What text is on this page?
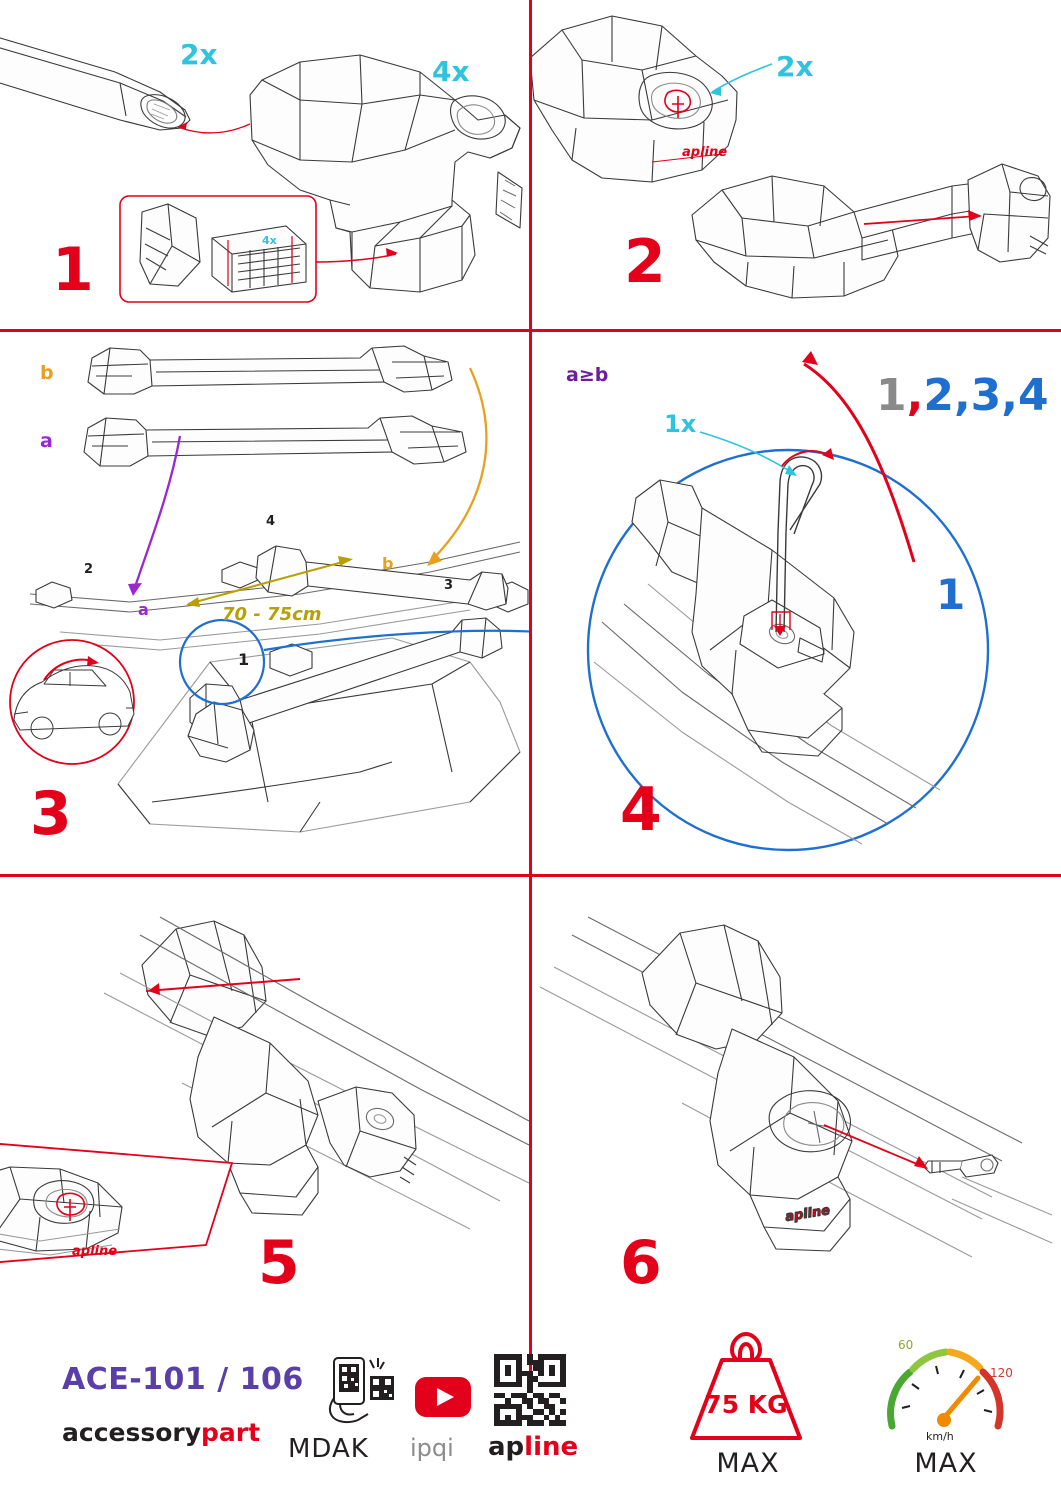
4x
2x
4x
1
apline
2x
2
b
a
a
b
70 - 75cm
2
4
3
1
3
1x
1,2,3,4
1
4
apline 5
apline
6
ACE-101 / 106
accessorypart
MDAK ipqi apline
75 KG
MAX
60
120
km/h
MAX
a≥b
